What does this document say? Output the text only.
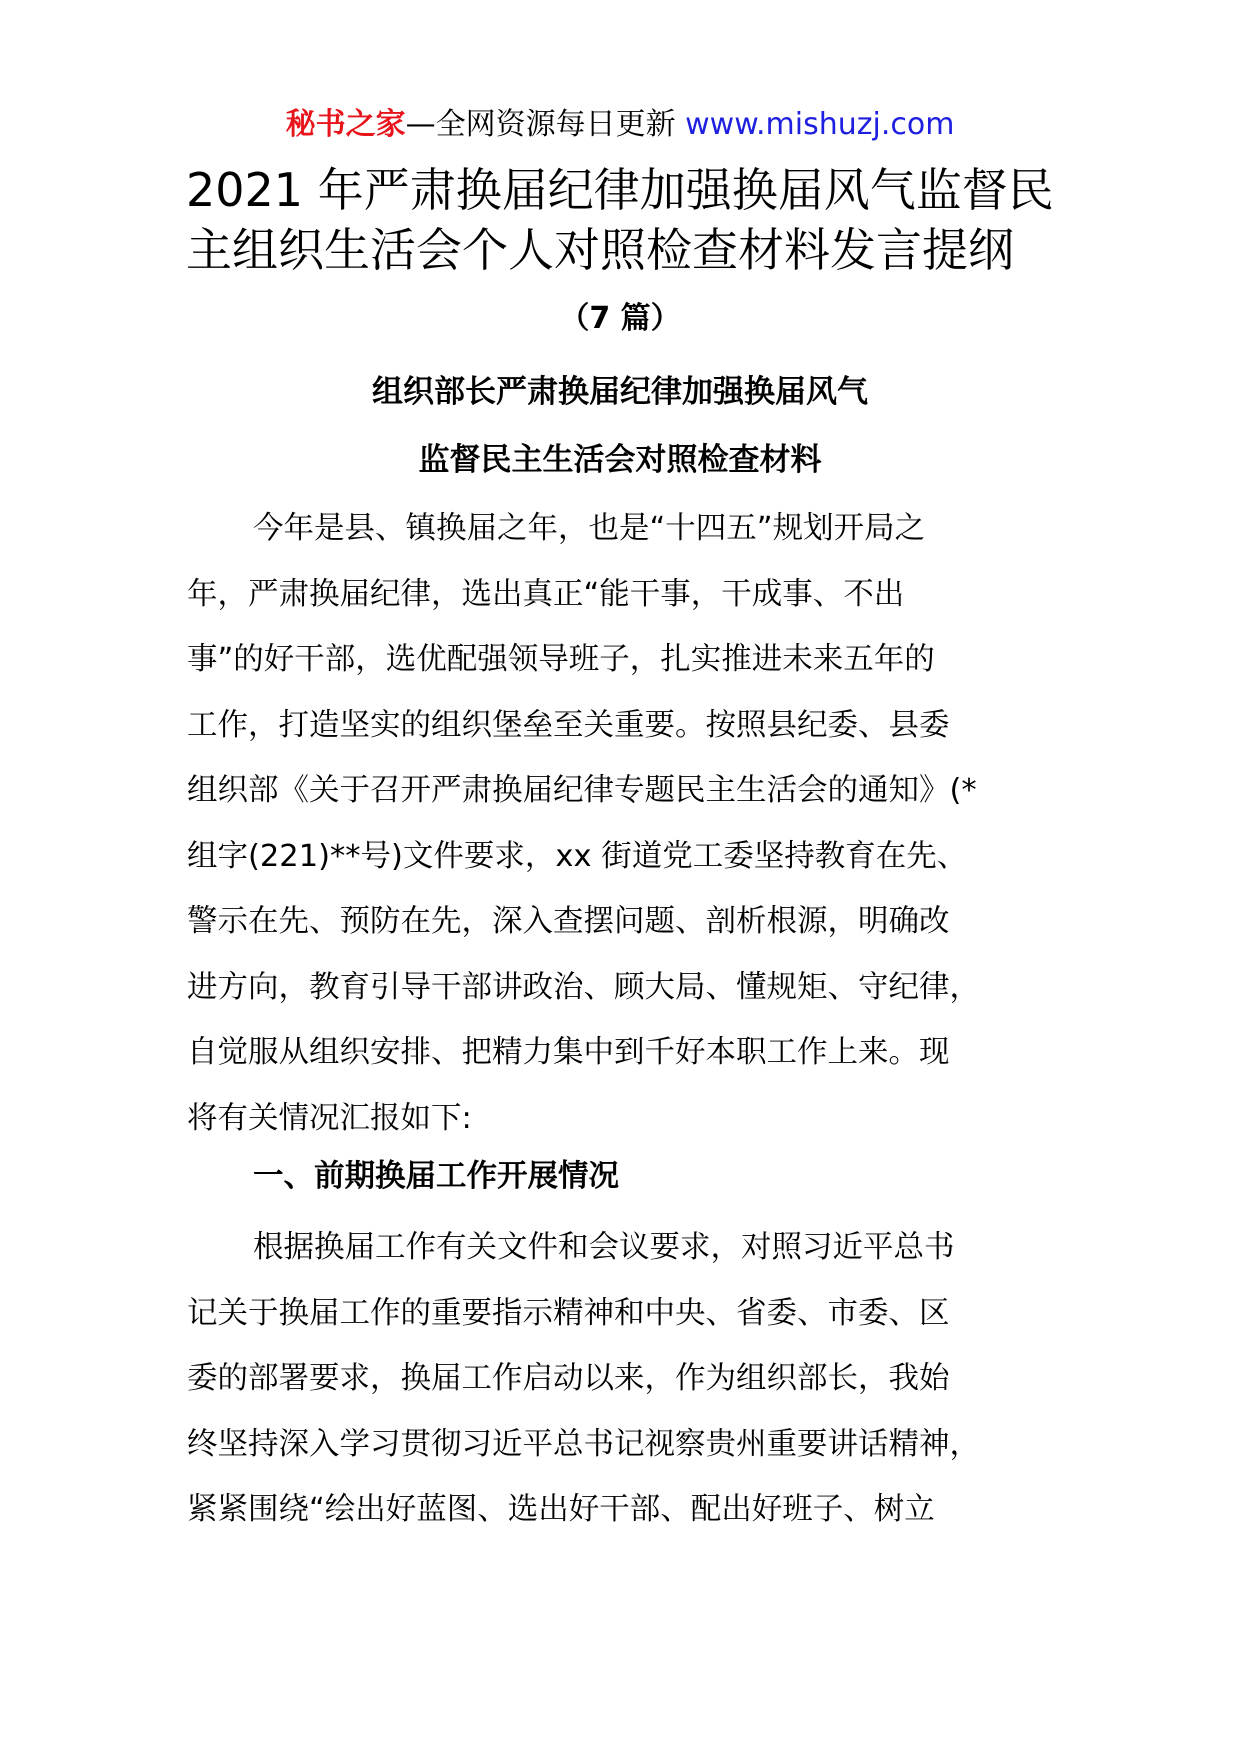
秘书之家—全网资源每日更新 www.mishuzj.com
2021 年严肃换届纪律加强换届风气监督民
主组织生活会个人对照检查材料发言提纲
（7 篇）
组织部长严肃换届纪律加强换届风气
监督民主生活会对照检查材料

今年是县、镇换届之年，也是“十四五”规划开局之
年，严肃换届纪律，选出真正“能干事，干成事、不出
事”的好干部，选优配强领导班子，扎实推进未来五年的
工作，打造坚实的组织堡垒至关重要。按照县纪委、县委
组织部《关于召开严肃换届纪律专题民主生活会的通知》(*
组字(221)**号)文件要求，xx 街道党工委坚持教育在先、
警示在先、预防在先，深入查摆问题、剖析根源，明确改
进方向，教育引导干部讲政治、顾大局、懂规矩、守纪律，
自觉服从组织安排、把精力集中到千好本职工作上来。现
将有关情况汇报如下:

一、前期换届工作开展情况

根据换届工作有关文件和会议要求，对照习近平总书
记关于换届工作的重要指示精神和中央、省委、市委、区
委的部署要求，换届工作启动以来，作为组织部长，我始
终坚持深入学习贯彻习近平总书记视察贵州重要讲话精神，
紧紧围绕“绘出好蓝图、选出好干部、配出好班子、树立
